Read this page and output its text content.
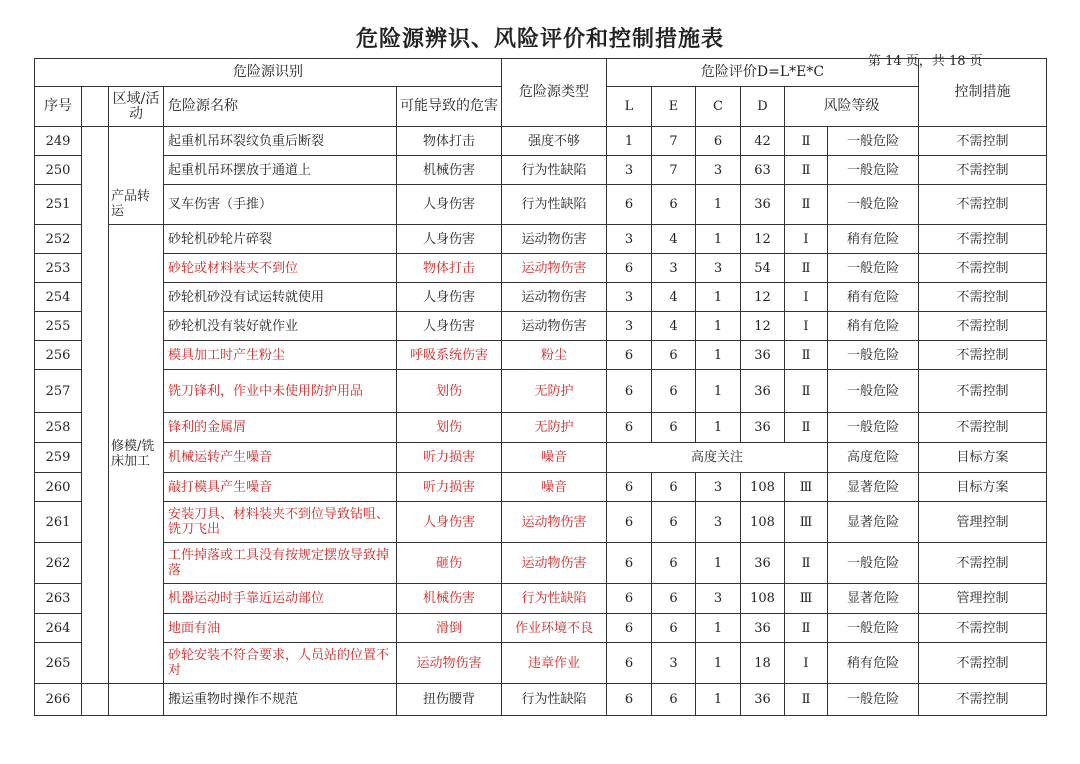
危险源辨识、风险评价和控制措施表
第 14 页，共 18 页
危险源识别					危险源类型	危险评价D=L*E*C						控制措施
序号		区域/活动	危险源名称	可能导致的危害		L	E	C	D	风险等级		
249			起重机吊环裂纹负重后断裂	物体打击	强度不够	1	7	6	42	Ⅱ	一般危险	不需控制
250			起重机吊环摆放于通道上	机械伤害	行为性缺陷	3	7	3	63	Ⅱ	一般危险	不需控制
251		产品转运	叉车伤害（手推）	人身伤害	行为性缺陷	6	6	1	36	Ⅱ	一般危险	不需控制
252		修模/铣床加工	砂轮机砂轮片碎裂	人身伤害	运动物伤害	3	4	1	12	Ⅰ	稍有危险	不需控制
253			砂轮或材料装夹不到位	物体打击	运动物伤害	6	3	3	54	Ⅱ	一般危险	不需控制
254			砂轮机砂没有试运转就使用	人身伤害	运动物伤害	3	4	1	12	Ⅰ	稍有危险	不需控制
255			砂轮机没有装好就作业	人身伤害	运动物伤害	3	4	1	12	Ⅰ	稍有危险	不需控制
256			模具加工时产生粉尘	呼吸系统伤害	粉尘	6	6	1	36	Ⅱ	一般危险	不需控制
257			铣刀锋利，作业中未使用防护用品	划伤	无防护	6	6	1	36	Ⅱ	一般危险	不需控制
258			锋利的金属屑	划伤	无防护	6	6	1	36	Ⅱ	一般危险	不需控制
259			机械运转产生噪音	听力损害	噪音	高度关注					高度危险	目标方案
260			敲打模具产生噪音	听力损害	噪音	6	6	3	108	Ⅲ	显著危险	目标方案
261			安装刀具、材料装夹不到位导致钻咀、铣刀飞出	人身伤害	运动物伤害	6	6	3	108	Ⅲ	显著危险	管理控制
262			工件掉落或工具没有按规定摆放导致掉落	砸伤	运动物伤害	6	6	1	36	Ⅱ	一般危险	不需控制
263			机器运动时手靠近运动部位	机械伤害	行为性缺陷	6	6	3	108	Ⅲ	显著危险	管理控制
264			地面有油	滑倒	作业环境不良	6	6	1	36	Ⅱ	一般危险	不需控制
265			砂轮安装不符合要求，人员站的位置不对	运动物伤害	违章作业	6	3	1	18	Ⅰ	稍有危险	不需控制
266			搬运重物时操作不规范	扭伤腰背	行为性缺陷	6	6	1	36	Ⅱ	一般危险	不需控制
